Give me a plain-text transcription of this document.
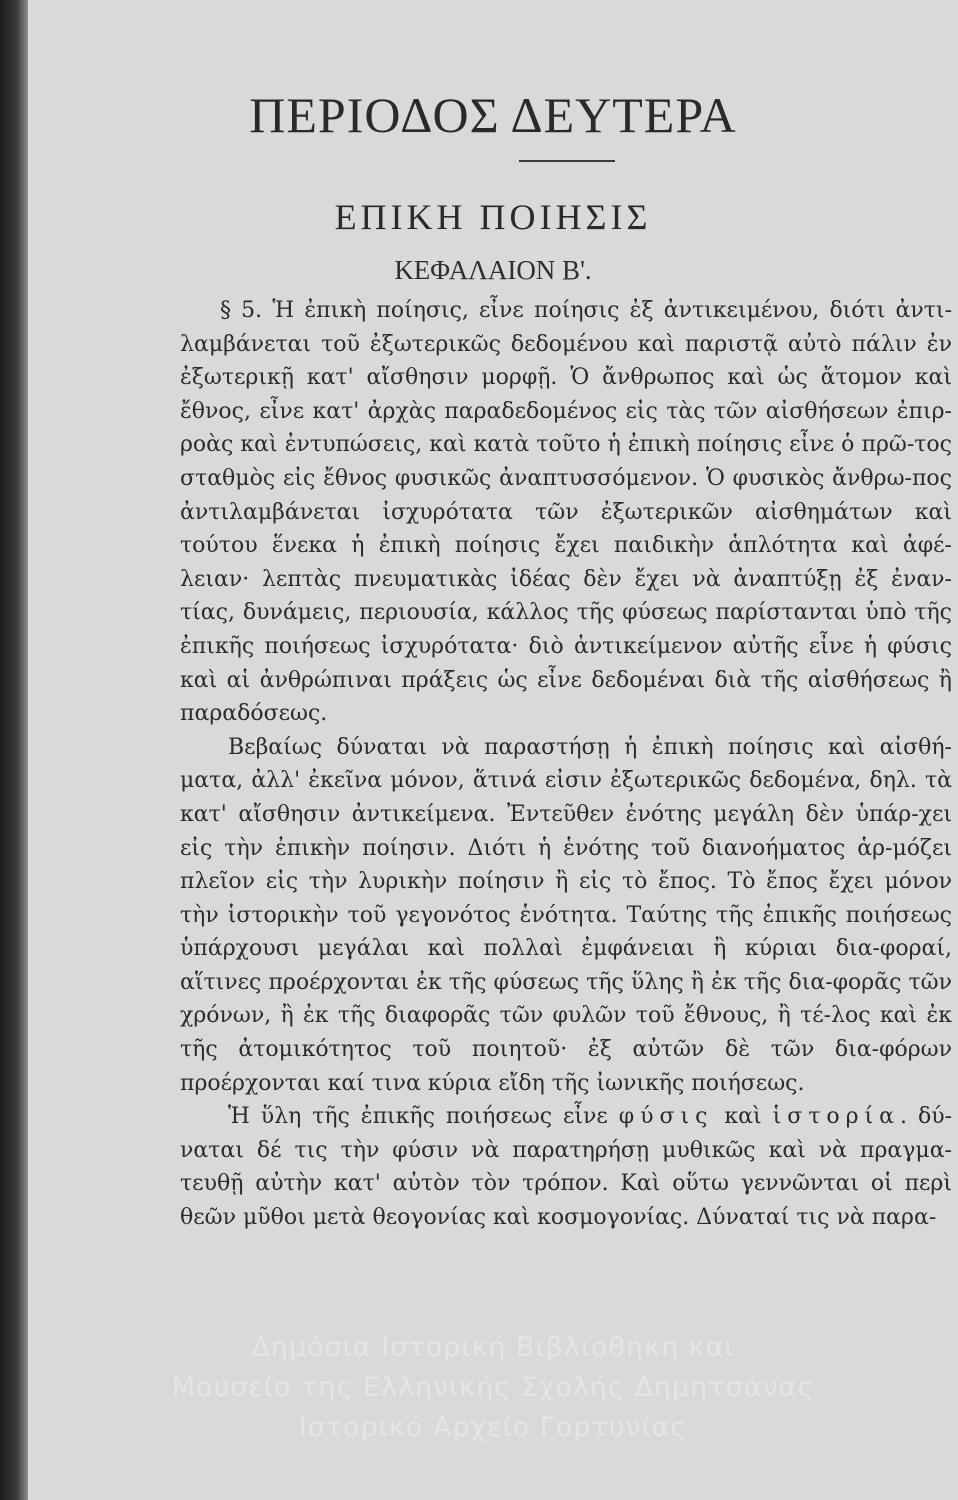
ΠΕΡΙΟΔΟΣ ΔΕΥΤΕΡΑ
ΕΠΙΚΗ ΠΟΙΗΣΙΣ
ΚΕΦΑΛΑΙΟΝ Β'.

§ 5. Ἡ ἐπικὴ ποίησις, εἶνε ποίησις ἐξ ἀντικειμένου, διότι ἀντι-λαμβάνεται τοῦ ἐξωτερικῶς δεδομένου καὶ παριστᾷ αὐτὸ πάλιν ἐν ἐξωτερικῇ κατ' αἴσθησιν μορφῇ. Ὁ ἄνθρωπος καὶ ὡς ἄτομον καὶ ἔθνος, εἶνε κατ' ἀρχὰς παραδεδομένος εἰς τὰς τῶν αἰσθήσεων ἐπιρ-ροὰς καὶ ἐντυπώσεις, καὶ κατὰ τοῦτο ἡ ἐπικὴ ποίησις εἶνε ὁ πρῶ-τος σταθμὸς εἰς ἔθνος φυσικῶς ἀναπτυσσόμενον. Ὁ φυσικὸς ἄνθρω-πος ἀντιλαμβάνεται ἰσχυρότατα τῶν ἐξωτερικῶν αἰσθημάτων καὶ τούτου ἕνεκα ἡ ἐπικὴ ποίησις ἔχει παιδικὴν ἁπλότητα καὶ ἀφέ-λειαν· λεπτὰς πνευματικὰς ἰδέας δὲν ἔχει νὰ ἀναπτύξῃ ἐξ ἐναν-τίας, δυνάμεις, περιουσία, κάλλος τῆς φύσεως παρίστανται ὑπὸ τῆς ἐπικῆς ποιήσεως ἰσχυρότατα· διὸ ἀντικείμενον αὐτῆς εἶνε ἡ φύσις καὶ αἱ ἀνθρώπιναι πράξεις ὡς εἶνε δεδομέναι διὰ τῆς αἰσθήσεως ἢ παραδόσεως.

Βεβαίως δύναται νὰ παραστήσῃ ἡ ἐπικὴ ποίησις καὶ αἰσθή-ματα, ἀλλ' ἐκεῖνα μόνον, ἅτινά εἰσιν ἐξωτερικῶς δεδομένα, δηλ. τὰ κατ' αἴσθησιν ἀντικείμενα. Ἐντεῦθεν ἑνότης μεγάλη δὲν ὑπάρ-χει εἰς τὴν ἐπικὴν ποίησιν. Διότι ἡ ἑνότης τοῦ διανοήματος ἁρ-μόζει πλεῖον εἰς τὴν λυρικὴν ποίησιν ἢ εἰς τὸ ἔπος. Τὸ ἔπος ἔχει μόνον τὴν ἱστορικὴν τοῦ γεγονότος ἑνότητα. Ταύτης τῆς ἐπικῆς ποιήσεως ὑπάρχουσι μεγάλαι καὶ πολλαὶ ἐμφάνειαι ἢ κύριαι δια-φοραί, αἵτινες προέρχονται ἐκ τῆς φύσεως τῆς ὕλης ἢ ἐκ τῆς δια-φορᾶς τῶν χρόνων, ἢ ἐκ τῆς διαφορᾶς τῶν φυλῶν τοῦ ἔθνους, ἢ τέ-λος καὶ ἐκ τῆς ἀτομικότητος τοῦ ποιητοῦ· ἐξ αὐτῶν δὲ τῶν δια-φόρων προέρχονται καί τινα κύρια εἴδη τῆς ἰωνικῆς ποιήσεως.

Ἡ ὕλη τῆς ἐπικῆς ποιήσεως εἶνε φύσις καὶ ἱστορία. δύ-ναται δέ τις τὴν φύσιν νὰ παρατηρήσῃ μυθικῶς καὶ νὰ πραγμα-τευθῇ αὐτὴν κατ' αὐτὸν τὸν τρόπον. Καὶ οὕτω γεννῶνται οἱ περὶ θεῶν μῦθοι μετὰ θεογονίας καὶ κοσμογονίας. Δύναταί τις νὰ παρα-

Δημόσια Ιστορική Βιβλιοθήκη και
Μουσείο της Ελληνικής Σχολής Δημητσάνας
Ιστορικό Αρχείο Γορτυνίας
